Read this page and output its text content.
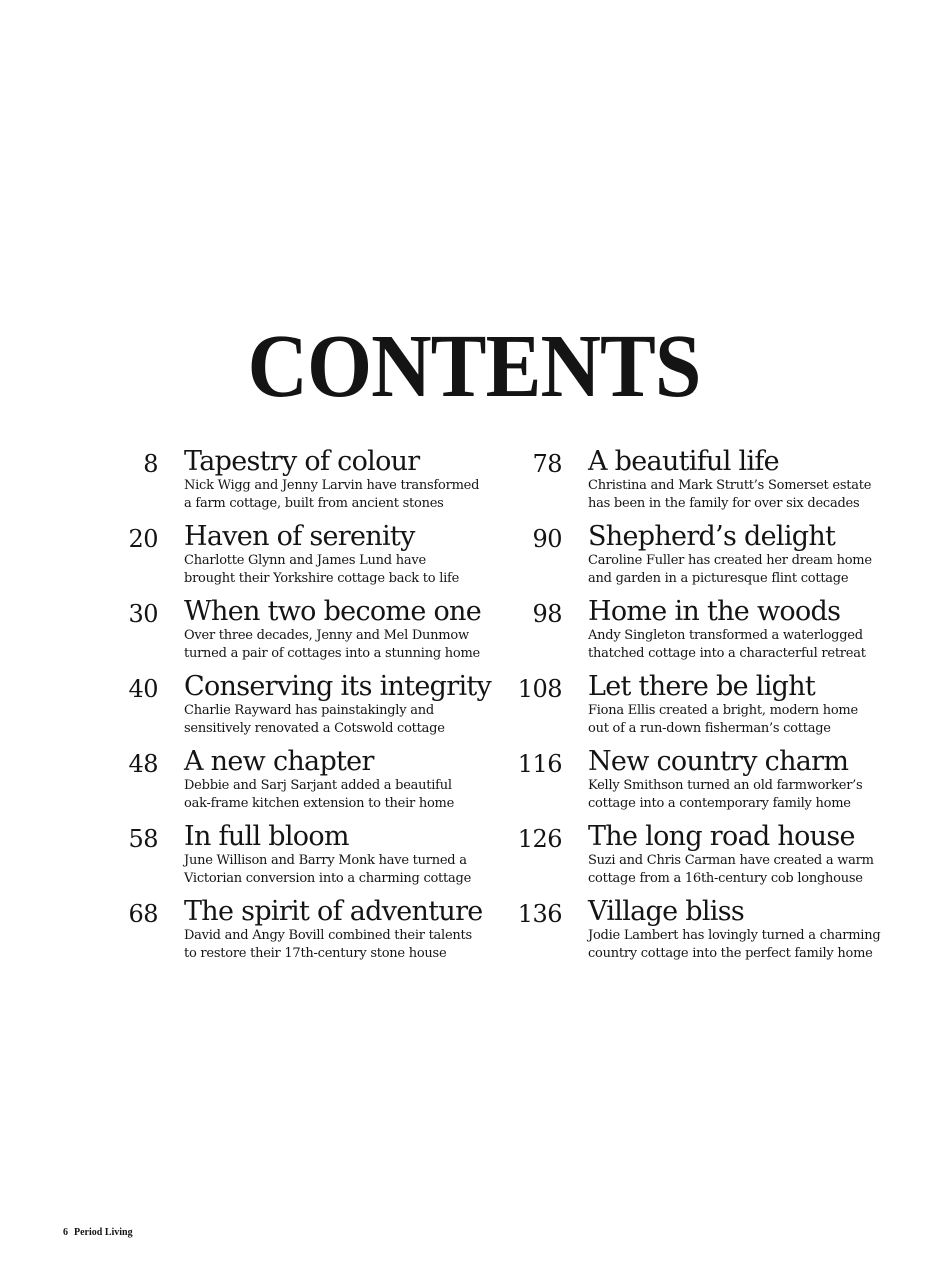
CONTENTS
8 Tapestry of colour
Nick Wigg and Jenny Larvin have transformed
a farm cottage, built from ancient stones
20 Haven of serenity
Charlotte Glynn and James Lund have
brought their Yorkshire cottage back to life
30 When two become one
Over three decades, Jenny and Mel Dunmow
turned a pair of cottages into a stunning home
40 Conserving its integrity
Charlie Rayward has painstakingly and
sensitively renovated a Cotswold cottage
48 A new chapter
Debbie and Sarj Sarjant added a beautiful
oak-frame kitchen extension to their home
58 In full bloom
June Willison and Barry Monk have turned a
Victorian conversion into a charming cottage
68 The spirit of adventure
David and Angy Bovill combined their talents
to restore their 17th-century stone house
78 A beautiful life
Christina and Mark Strutt’s Somerset estate
has been in the family for over six decades
90 Shepherd’s delight
Caroline Fuller has created her dream home
and garden in a picturesque flint cottage
98 Home in the woods
Andy Singleton transformed a waterlogged
thatched cottage into a characterful retreat
108 Let there be light
Fiona Ellis created a bright, modern home
out of a run-down fisherman’s cottage
116 New country charm
Kelly Smithson turned an old farmworker’s
cottage into a contemporary family home
126 The long road house
Suzi and Chris Carman have created a warm
cottage from a 16th-century cob longhouse
136 Village bliss
Jodie Lambert has lovingly turned a charming
country cottage into the perfect family home
6 Period Living
